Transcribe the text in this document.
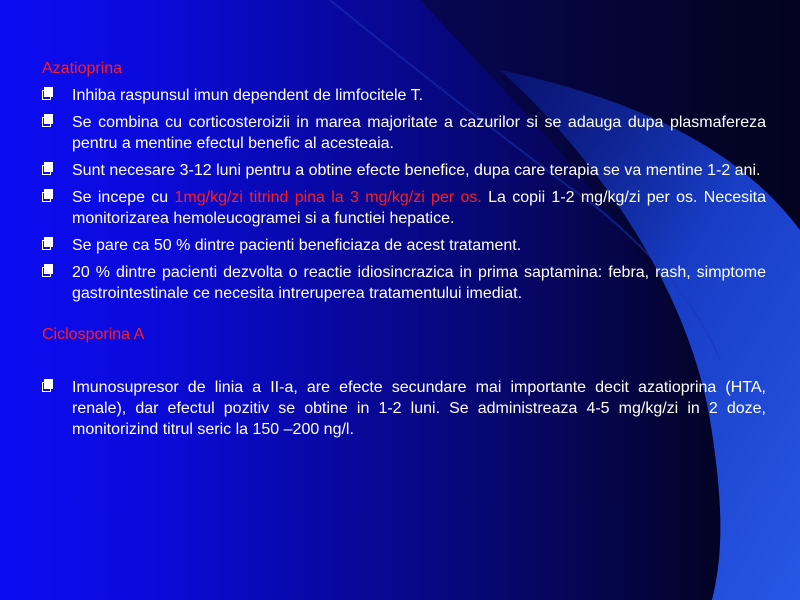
Azatioprina

Inhiba raspunsul imun dependent de limfocitele T.
Se combina cu corticosteroizii in marea majoritate a cazurilor si se adauga dupa plasmafereza pentru a mentine efectul benefic al acesteaia.
Sunt necesare 3-12 luni pentru a obtine efecte benefice, dupa care terapia se va mentine 1-2 ani.
Se incepe cu 1mg/kg/zi titrind pina la 3 mg/kg/zi per os. La copii 1-2 mg/kg/zi per os. Necesita monitorizarea hemoleucogramei si a functiei hepatice.
Se pare ca 50 % dintre pacienti beneficiaza de acest tratament.
20 % dintre pacienti dezvolta o reactie idiosincrazica in prima saptamina: febra, rash, simptome gastrointestinale ce necesita intreruperea tratamentului imediat.

Ciclosporina A

Imunosupresor de linia a II-a, are efecte secundare mai importante decit azatioprina (HTA, renale), dar efectul pozitiv se obtine in 1-2 luni. Se administreaza 4-5 mg/kg/zi in 2 doze, monitorizind titrul seric la 150 –200 ng/l.
